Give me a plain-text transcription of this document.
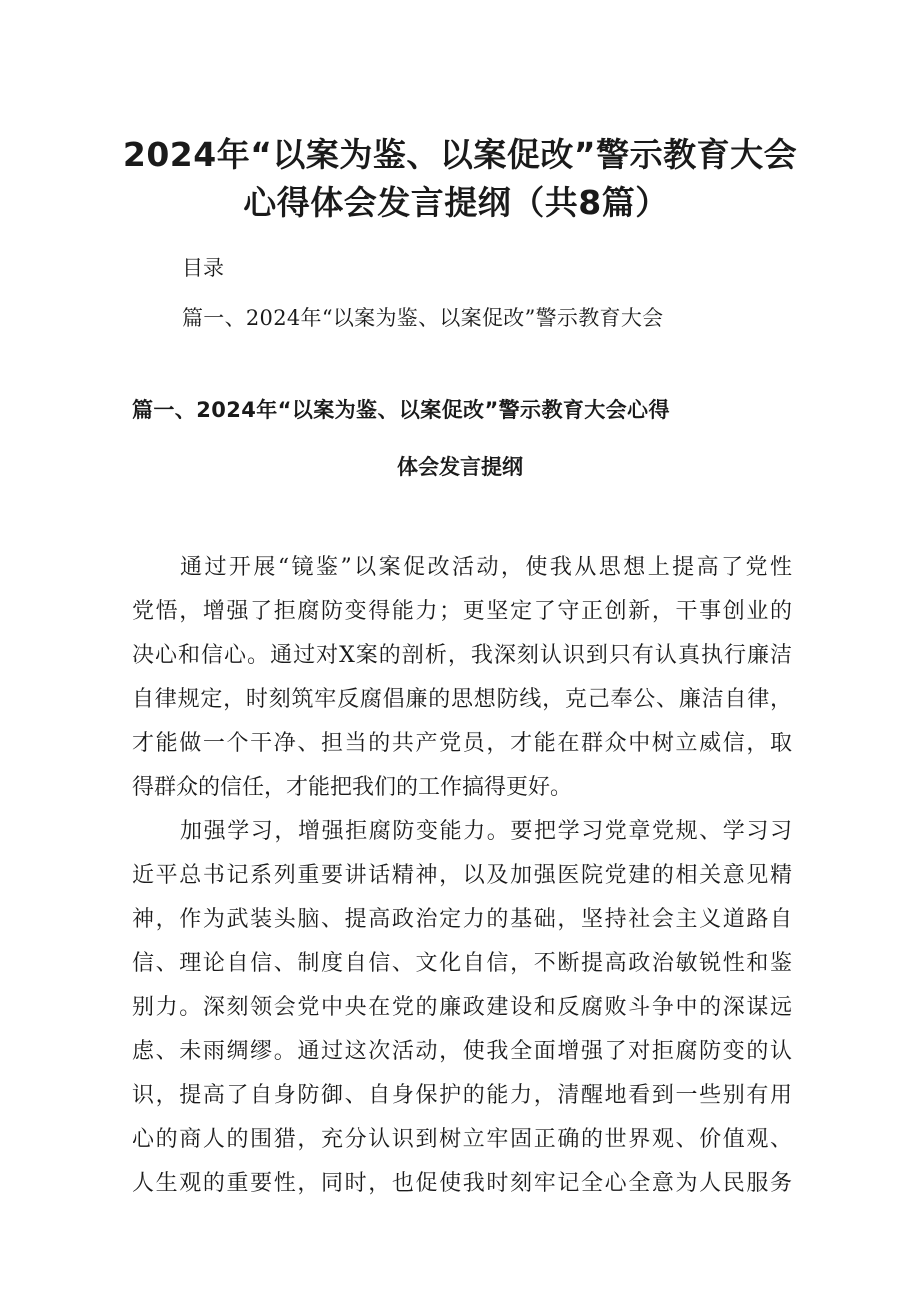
2024年“以案为鉴、以案促改”警示教育大会
心得体会发言提纲（共8篇）
目录
篇一、2024年“以案为鉴、以案促改”警示教育大会
篇一、2024年“以案为鉴、以案促改”警示教育大会心得
体会发言提纲
通过开展“镜鉴”以案促改活动，使我从思想上提高了党性
党悟，增强了拒腐防变得能力；更坚定了守正创新，干事创业的
决心和信心。通过对X案的剖析，我深刻认识到只有认真执行廉洁
自律规定，时刻筑牢反腐倡廉的思想防线，克己奉公、廉洁自律，
才能做一个干净、担当的共产党员，才能在群众中树立威信，取
得群众的信任，才能把我们的工作搞得更好。
加强学习，增强拒腐防变能力。要把学习党章党规、学习习
近平总书记系列重要讲话精神，以及加强医院党建的相关意见精
神，作为武装头脑、提高政治定力的基础，坚持社会主义道路自
信、理论自信、制度自信、文化自信，不断提高政治敏锐性和鉴
别力。深刻领会党中央在党的廉政建设和反腐败斗争中的深谋远
虑、未雨绸缪。通过这次活动，使我全面增强了对拒腐防变的认
识，提高了自身防御、自身保护的能力，清醒地看到一些别有用
心的商人的围猎，充分认识到树立牢固正确的世界观、价值观、
人生观的重要性，同时，也促使我时刻牢记全心全意为人民服务
